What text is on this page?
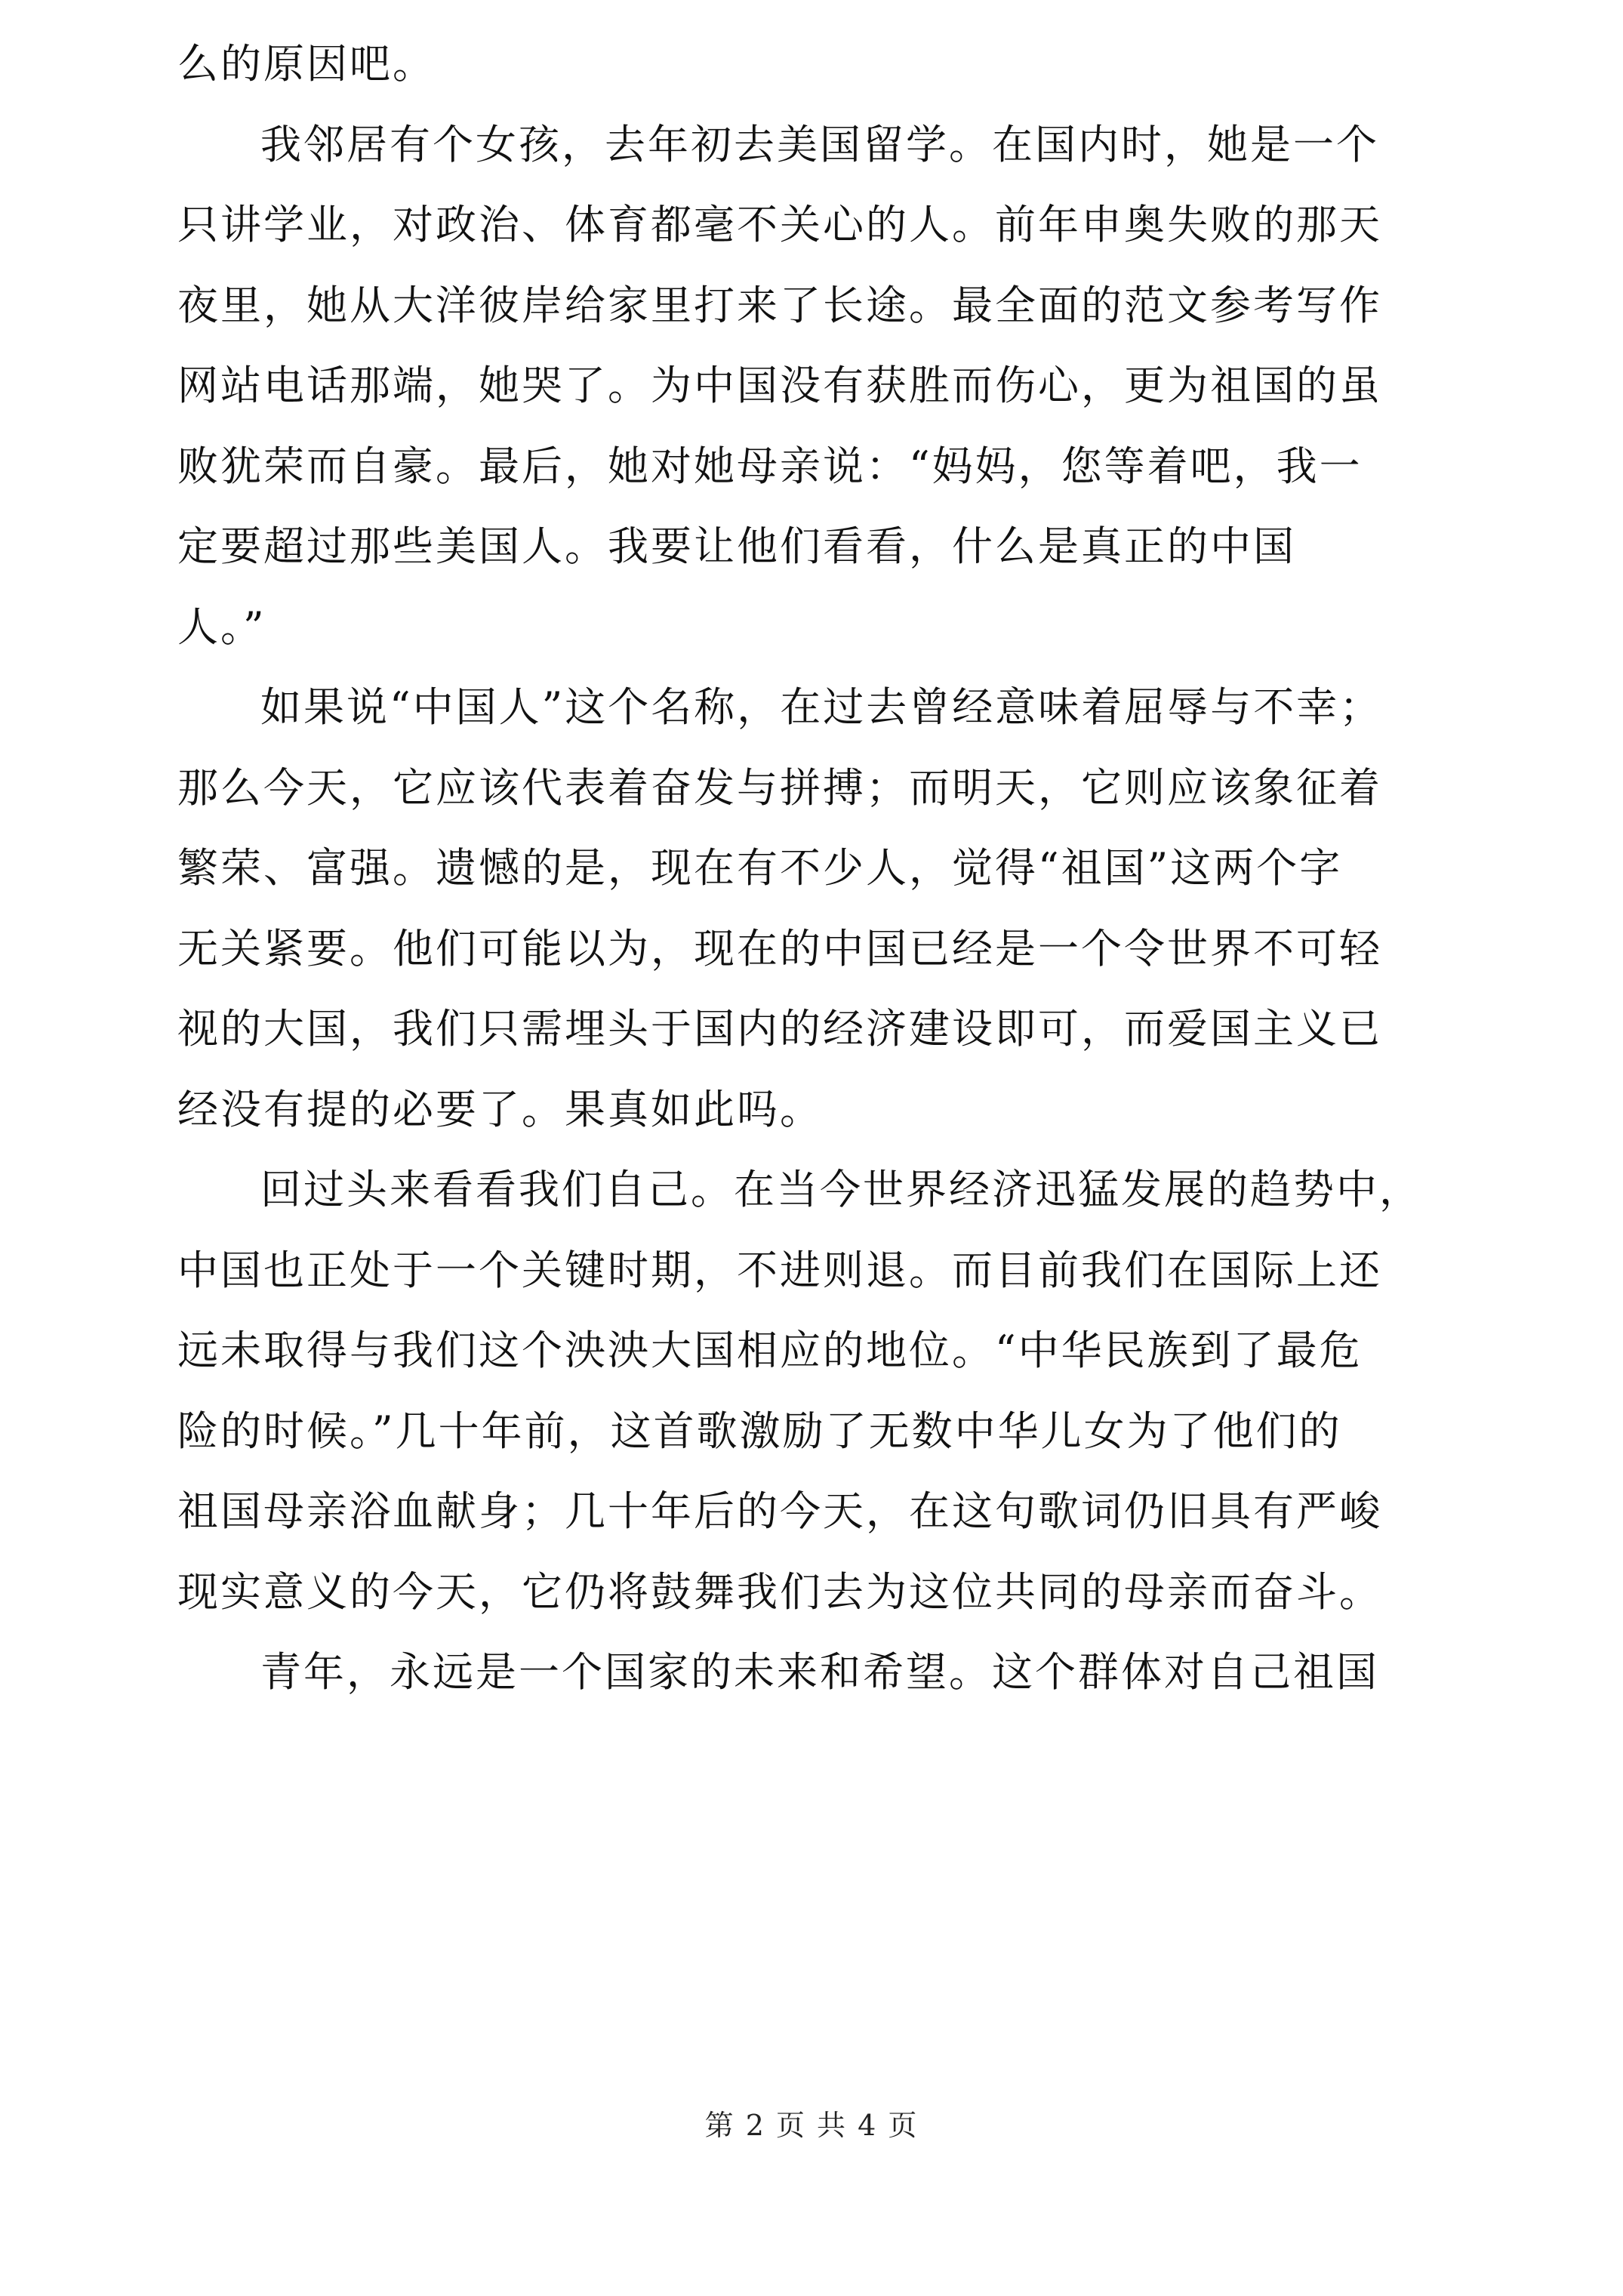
么的原因吧。
我邻居有个女孩，去年初去美国留学。在国内时，她是一个
只讲学业，对政治、体育都毫不关心的人。前年申奥失败的那天
夜里，她从大洋彼岸给家里打来了长途。最全面的范文参考写作
网站电话那端，她哭了。为中国没有获胜而伤心，更为祖国的虽
败犹荣而自豪。最后，她对她母亲说：“妈妈，您等着吧，我一
定要超过那些美国人。我要让他们看看，什么是真正的中国
人。”
如果说“中国人”这个名称，在过去曾经意味着屈辱与不幸；
那么今天，它应该代表着奋发与拼搏；而明天，它则应该象征着
繁荣、富强。遗憾的是，现在有不少人，觉得“祖国”这两个字
无关紧要。他们可能以为，现在的中国已经是一个令世界不可轻
视的大国，我们只需埋头于国内的经济建设即可，而爱国主义已
经没有提的必要了。果真如此吗。
回过头来看看我们自己。在当今世界经济迅猛发展的趋势中，
中国也正处于一个关键时期，不进则退。而目前我们在国际上还
远未取得与我们这个泱泱大国相应的地位。“中华民族到了最危
险的时候。”几十年前，这首歌激励了无数中华儿女为了他们的
祖国母亲浴血献身；几十年后的今天，在这句歌词仍旧具有严峻
现实意义的今天，它仍将鼓舞我们去为这位共同的母亲而奋斗。
青年，永远是一个国家的未来和希望。这个群体对自己祖国
第 2 页 共 4 页
